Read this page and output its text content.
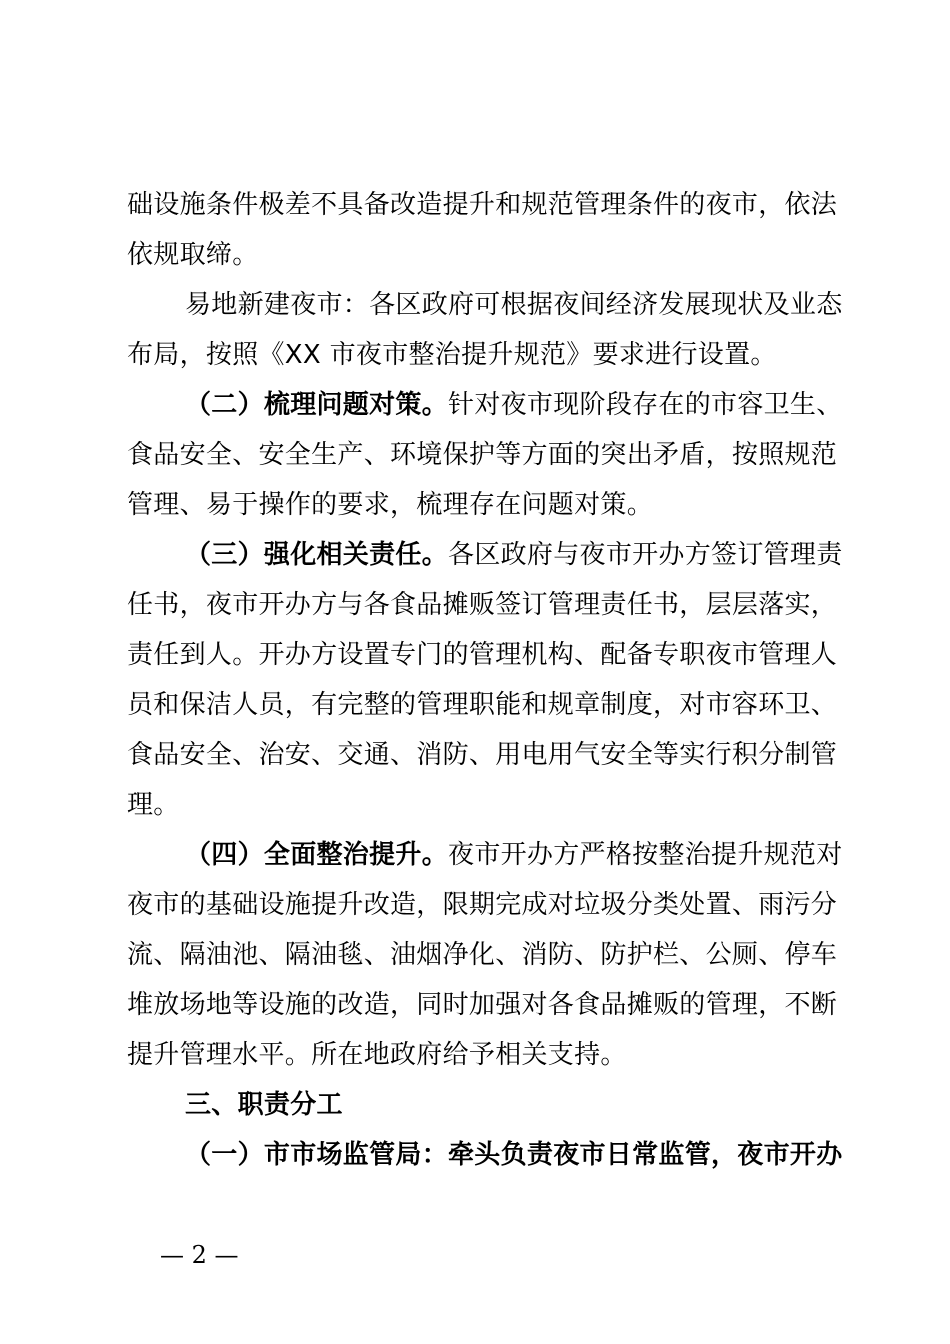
础设施条件极差不具备改造提升和规范管理条件的夜市，依法
依规取缔。
易地新建夜市：各区政府可根据夜间经济发展现状及业态
布局，按照《XX 市夜市整治提升规范》要求进行设置。
（二）梳理问题对策。针对夜市现阶段存在的市容卫生、
食品安全、安全生产、环境保护等方面的突出矛盾，按照规范
管理、易于操作的要求，梳理存在问题对策。
（三）强化相关责任。各区政府与夜市开办方签订管理责
任书，夜市开办方与各食品摊贩签订管理责任书，层层落实，
责任到人。开办方设置专门的管理机构、配备专职夜市管理人
员和保洁人员，有完整的管理职能和规章制度，对市容环卫、
食品安全、治安、交通、消防、用电用气安全等实行积分制管
理。
（四）全面整治提升。夜市开办方严格按整治提升规范对
夜市的基础设施提升改造，限期完成对垃圾分类处置、雨污分
流、隔油池、隔油毯、油烟净化、消防、防护栏、公厕、停车
堆放场地等设施的改造，同时加强对各食品摊贩的管理，不断
提升管理水平。所在地政府给予相关支持。
三、职责分工
（一）市市场监管局：牵头负责夜市日常监管，夜市开办
— 2 —
